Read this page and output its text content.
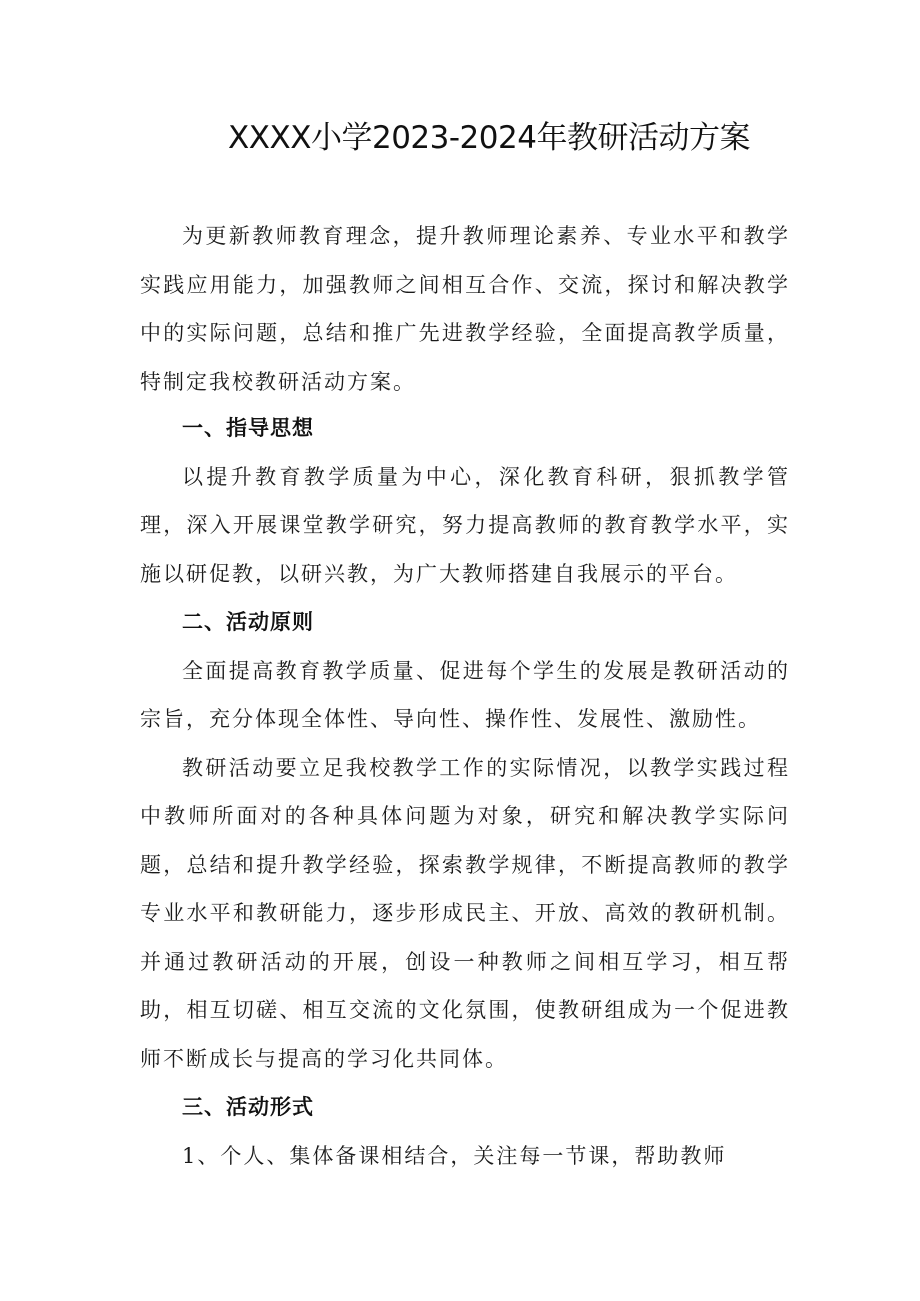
XXXX小学2023-2024年教研活动方案

为更新教师教育理念，提升教师理论素养、专业水平和教学实践应用能力，加强教师之间相互合作、交流，探讨和解决教学中的实际问题，总结和推广先进教学经验，全面提高教学质量，特制定我校教研活动方案。

一、指导思想

以提升教育教学质量为中心，深化教育科研，狠抓教学管理，深入开展课堂教学研究，努力提高教师的教育教学水平，实施以研促教，以研兴教，为广大教师搭建自我展示的平台。

二、活动原则

全面提高教育教学质量、促进每个学生的发展是教研活动的宗旨，充分体现全体性、导向性、操作性、发展性、激励性。

教研活动要立足我校教学工作的实际情况，以教学实践过程中教师所面对的各种具体问题为对象，研究和解决教学实际问题，总结和提升教学经验，探索教学规律，不断提高教师的教学专业水平和教研能力，逐步形成民主、开放、高效的教研机制。并通过教研活动的开展，创设一种教师之间相互学习，相互帮助，相互切磋、相互交流的文化氛围，使教研组成为一个促进教师不断成长与提高的学习化共同体。

三、活动形式

1、个人、集体备课相结合，关注每一节课，帮助教师
